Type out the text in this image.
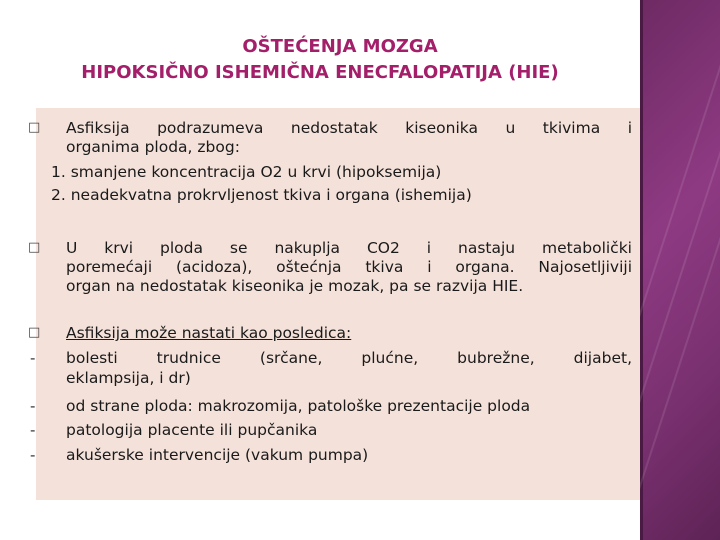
OŠTEĆENJA MOZGA
HIPOKSIČNO ISHEMIČNA ENECFALOPATIJA (HIE)
□ Asfiksija podrazumeva nedostatak kiseonika u tkivima i
organima ploda, zbog:
1. smanjene koncentracija O2 u krvi (hipoksemija)
2. neadekvatna prokrvljenost tkiva i organa (ishemija)
□ U krvi ploda se nakuplja CO2 i nastaju metabolički
poremećaji (acidoza), oštećnja tkiva i organa. Najosetljiviji
organ na nedostatak kiseonika je mozak, pa se razvija HIE.
□ Asfiksija može nastati kao posledica:
- bolesti trudnice (srčane, plućne, bubrežne, dijabet,
eklampsija, i dr)
- od strane ploda: makrozomija, patološke prezentacije ploda
- patologija placente ili pupčanika
- akušerske intervencije (vakum pumpa)
